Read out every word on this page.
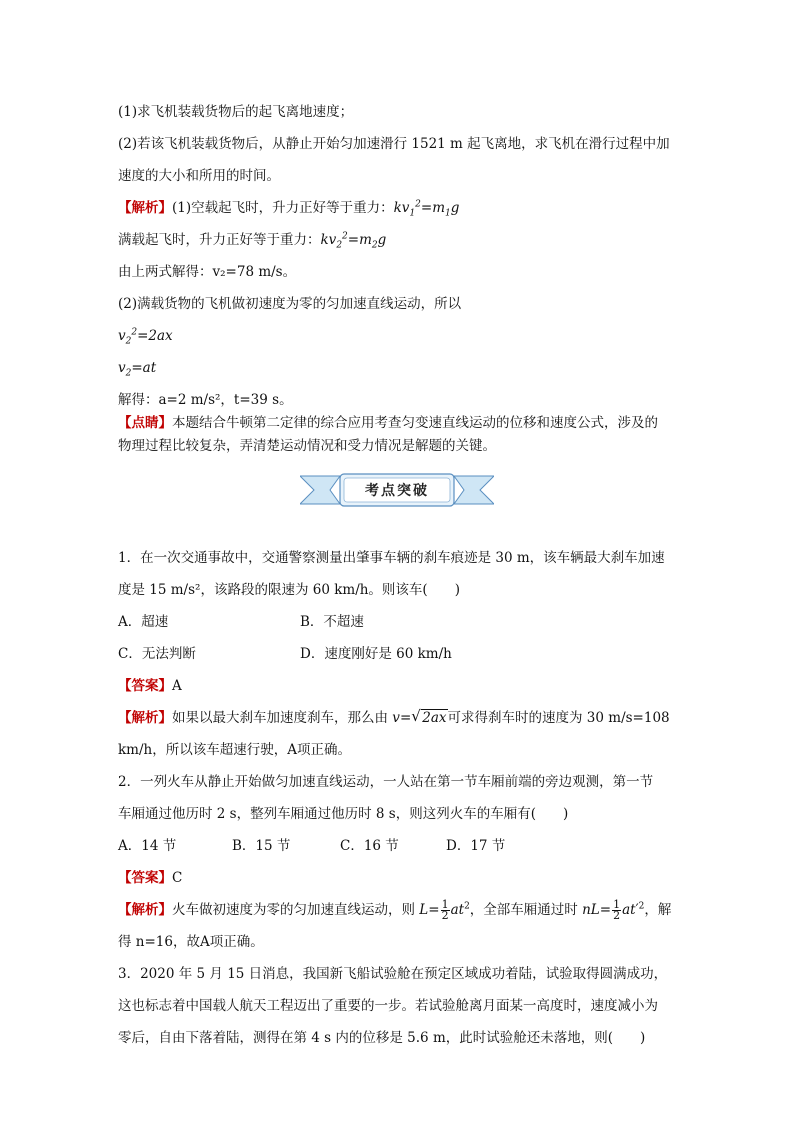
(1)求飞机装载货物后的起飞离地速度；
(2)若该飞机装载货物后，从静止开始匀加速滑行 1521 m 起飞离地，求飞机在滑行过程中加
速度的大小和所用的时间。
【解析】(1)空载起飞时，升力正好等于重力：$kv_1^2=m_1g$
满载起飞时，升力正好等于重力：$kv_2^2=m_2g$
由上两式解得：v₂=78 m/s。
(2)满载货物的飞机做初速度为零的匀加速直线运动，所以
$v_2^2=2ax$
$v_2=at$
解得：a=2 m/s²，t=39 s。
【点睛】本题结合牛顿第二定律的综合应用考查匀变速直线运动的位移和速度公式，涉及的
物理过程比较复杂，弄清楚运动情况和受力情况是解题的关键。
考点突破
1．在一次交通事故中，交通警察测量出肇事车辆的刹车痕迹是 30 m，该车辆最大刹车加速
度是 15 m/s²，该路段的限速为 60 km/h。则该车(　　)
A．超速	B．不超速
C．无法判断	D．速度刚好是 60 km/h
【答案】A
【解析】如果以最大刹车加速度刹车，那么由 v= √ 2ax可求得刹车时的速度为 30 m/s=108
km/h，所以该车超速行驶，A项正确。
2．一列火车从静止开始做匀加速直线运动，一人站在第一节车厢前端的旁边观测，第一节
车厢通过他历时 2 s，整列车厢通过他历时 8 s，则这列火车的车厢有(　　)
A．14 节	B．15 节	C．16 节	D．17 节
【答案】C
【解析】火车做初速度为零的匀加速直线运动，则 $L= \frac{1}{2} at^2$，全部车厢通过时 $nL= \frac{1}{2} at'^2$，解
得 n=16，故A项正确。
3．2020 年 5 月 15 日消息，我国新飞船试验舱在预定区域成功着陆，试验取得圆满成功，
这也标志着中国载人航天工程迈出了重要的一步。若试验舱离月面某一高度时，速度减小为
零后，自由下落着陆，测得在第 4 s 内的位移是 5.6 m，此时试验舱还未落地，则(　　)
